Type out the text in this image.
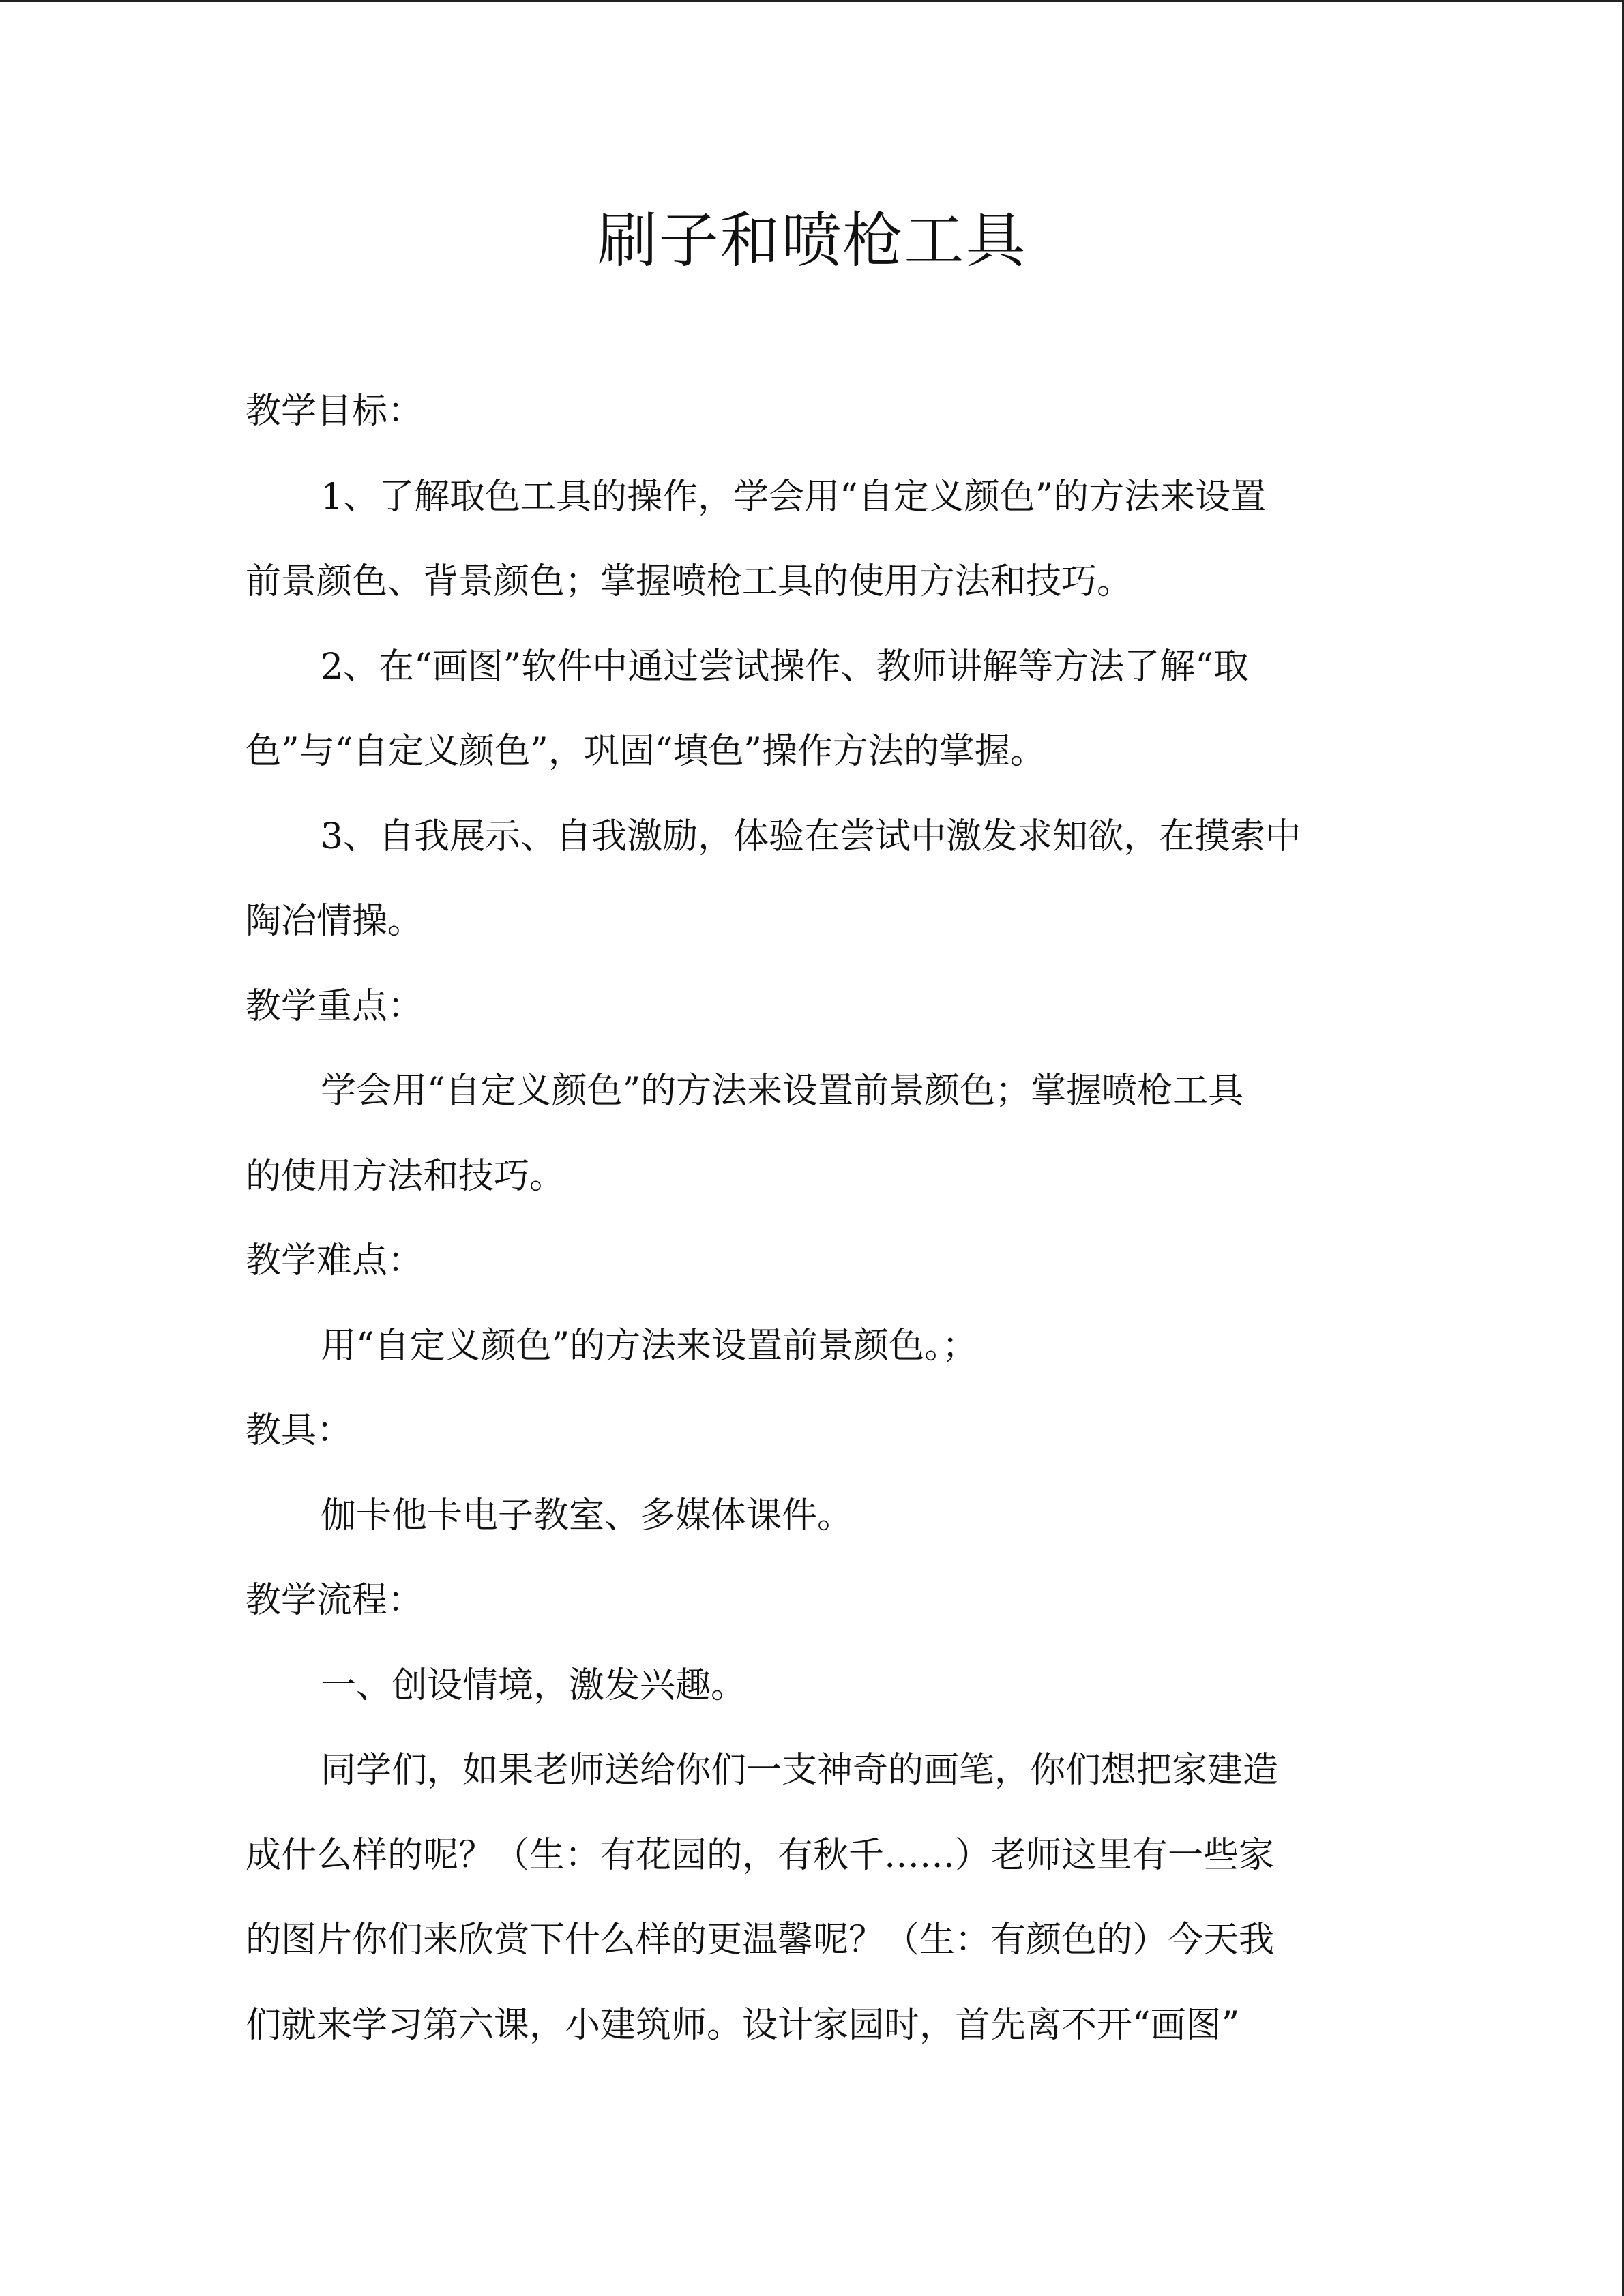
刷子和喷枪工具
教学目标：
1、了解取色工具的操作，学会用“自定义颜色”的方法来设置
前景颜色、背景颜色；掌握喷枪工具的使用方法和技巧。
2、在“画图”软件中通过尝试操作、教师讲解等方法了解“取
色”与“自定义颜色”，巩固“填色”操作方法的掌握。
3、自我展示、自我激励，体验在尝试中激发求知欲，在摸索中
陶冶情操。
教学重点：
学会用“自定义颜色”的方法来设置前景颜色；掌握喷枪工具
的使用方法和技巧。
教学难点：
用“自定义颜色”的方法来设置前景颜色。；
教具：
伽卡他卡电子教室、多媒体课件。
教学流程：
一、创设情境，激发兴趣。
同学们，如果老师送给你们一支神奇的画笔，你们想把家建造
成什么样的呢？（生：有花园的，有秋千……）老师这里有一些家
的图片你们来欣赏下什么样的更温馨呢？（生：有颜色的）今天我
们就来学习第六课，小建筑师。设计家园时，首先离不开“画图”
